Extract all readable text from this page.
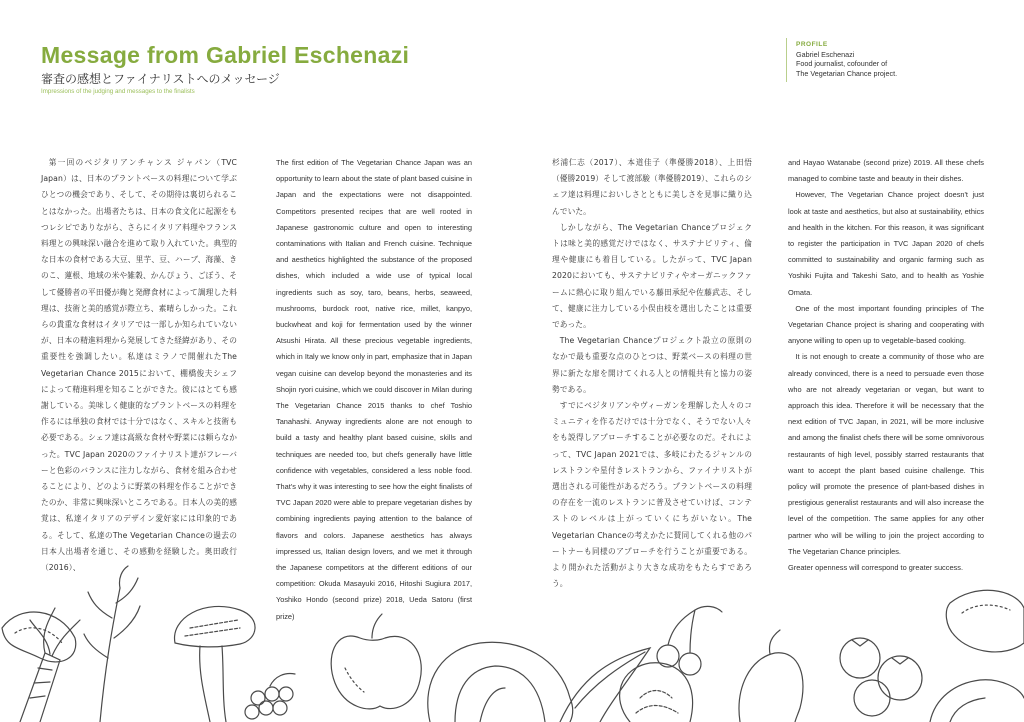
Message from Gabriel Eschenazi
審査の感想とファイナリストへのメッセージ
Impressions of the judging and messages to the finalists
PROFILE
Gabriel Eschenazi
Food journalist, cofounder of
The Vegetarian Chance project.
第一回のベジタリアンチャンス ジャパン（TVC Japan）は、日本のプラントベースの料理について学ぶひとつの機会であり、そして、その期待は裏切られることはなかった。出場者たちは、日本の食文化に起源をもつレシピでありながら、さらにイタリア料理やフランス料理との興味深い融合を進めて取り入れていた。典型的な日本の食材である大豆、里芋、豆、ハーブ、海藻、きのこ、蓮根、地域の米や雑穀、かんぴょう、ごぼう、そして優勝者の平田優が麹と発酵食材によって調理した料理は、技術と美的感覚が際立ち、素晴らしかった。これらの貴重な食材はイタリアでは一部しか知られていないが、日本の精進料理から発展してきた経緯があり、その重要性を強調したい。私達はミラノで開催れたThe Vegetarian Chance 2015において、棚橋俊夫シェフによって精進料理を知ることができた。彼にはとても感謝している。美味しく健康的なプラントベースの料理を作るには単独の食材では十分ではなく、スキルと技術も必要である。シェフ達は高級な食材や野菜には頼らなかった。TVC Japan 2020のファイナリスト達がフレーバーと色彩のバランスに注力しながら、食材を組み合わせることにより、どのように野菜の料理を作ることができたのか、非常に興味深いところである。日本人の美的感覚は、私達イタリアのデザイン愛好家には印象的である。そして、私達のThe Vegetarian Chanceの過去の日本人出場者を通じ、その感動を経験した。奥田政行（2016）、
The first edition of The Vegetarian Chance Japan was an opportunity to learn about the state of plant based cuisine in Japan and the expectations were not disappointed. Competitors presented recipes that are well rooted in Japanese gastronomic culture and open to interesting contaminations with Italian and French cuisine. Technique and aesthetics highlighted the substance of the proposed dishes, which included a wide use of typical local ingredients such as soy, taro, beans, herbs, seaweed, mushrooms, burdock root, native rice, millet, kanpyo, buckwheat and koji for fermentation used by the winner Atsushi Hirata. All these precious vegetable ingredients, which in Italy we know only in part, emphasize that in Japan vegan cuisine can develop beyond the monasteries and its Shojin ryori cuisine, which we could discover in Milan during The Vegetarian Chance 2015 thanks to chef Toshio Tanahashi. Anyway ingredients alone are not enough to build a tasty and healthy plant based cuisine, skills and techniques are needed too, but chefs generally have little confidence with vegetables, considered a less noble food. That's why it was interesting to see how the eight finalists of TVC Japan 2020 were able to prepare vegetarian dishes by combining ingredients paying attention to the balance of flavors and colors. Japanese aesthetics has always impressed us, Italian design lovers, and we met it through the Japanese competitors at the different editions of our competition: Okuda Masayuki 2016, Hitoshi Sugiura 2017, Yoshiko Hondo (second prize) 2018, Ueda Satoru (first prize)
杉浦仁志（2017）、本道佳子（準優勝2018）、上田悟（優勝2019）そして渡部駿（準優勝2019）、これらのシェフ達は料理においしさとともに美しさを見事に織り込んでいた。
しかしながら、The Vegetarian Chanceプロジェクトは味と美的感覚だけではなく、サステナビリティ、倫理や健康にも着目している。したがって、TVC Japan 2020においても、サステナビリティやオーガニックファームに熱心に取り組んでいる藤田承紀や佐藤武志、そして、健康に注力している小俣由枝を選出したことは重要であった。
The Vegetarian Chanceプロジェクト設立の原則のなかで最も重要な点のひとつは、野菜ベースの料理の世界に新たな扉を開けてくれる人との情報共有と協力の姿勢である。
すでにベジタリアンやヴィーガンを理解した人々のコミュニティを作るだけでは十分でなく、そうでない人々をも説得しアプローチすることが必要なのだ。それによって、TVC Japan 2021では、多岐にわたるジャンルのレストランや星付きレストランから、ファイナリストが選出される可能性があるだろう。プラントベースの料理の存在を一流のレストランに普及させていけば、コンテストのレベルは上がっていくにちがいない。The Vegetarian Chanceの考えかたに賛同してくれる他のパートナーも同様のアプローチを行うことが重要である。より開かれた活動がより大きな成功をもたらすであろう。
and Hayao Watanabe (second prize) 2019. All these chefs managed to combine taste and beauty in their dishes.
However, The Vegetarian Chance project doesn't just look at taste and aesthetics, but also at sustainability, ethics and health in the kitchen. For this reason, it was significant to register the participation in TVC Japan 2020 of chefs committed to sustainability and organic farming such as Yoshiki Fujita and Takeshi Sato, and to health as Yoshie Omata.
One of the most important founding principles of The Vegetarian Chance project is sharing and cooperating with anyone willing to open up to vegetable-based cooking.
It is not enough to create a community of those who are already convinced, there is a need to persuade even those who are not already vegetarian or vegan, but want to approach this idea. Therefore it will be necessary that the next edition of TVC Japan, in 2021, will be more inclusive and among the finalist chefs there will be some omnivorous restaurants of high level, possibly starred restaurants that want to accept the plant based cuisine challenge. This policy will promote the presence of plant-based dishes in prestigious generalist restaurants and will also increase the level of the competition. The same applies for any other partner who will be willing to join the project according to The Vegetarian Chance principles.
Greater openness will correspond to greater success.
